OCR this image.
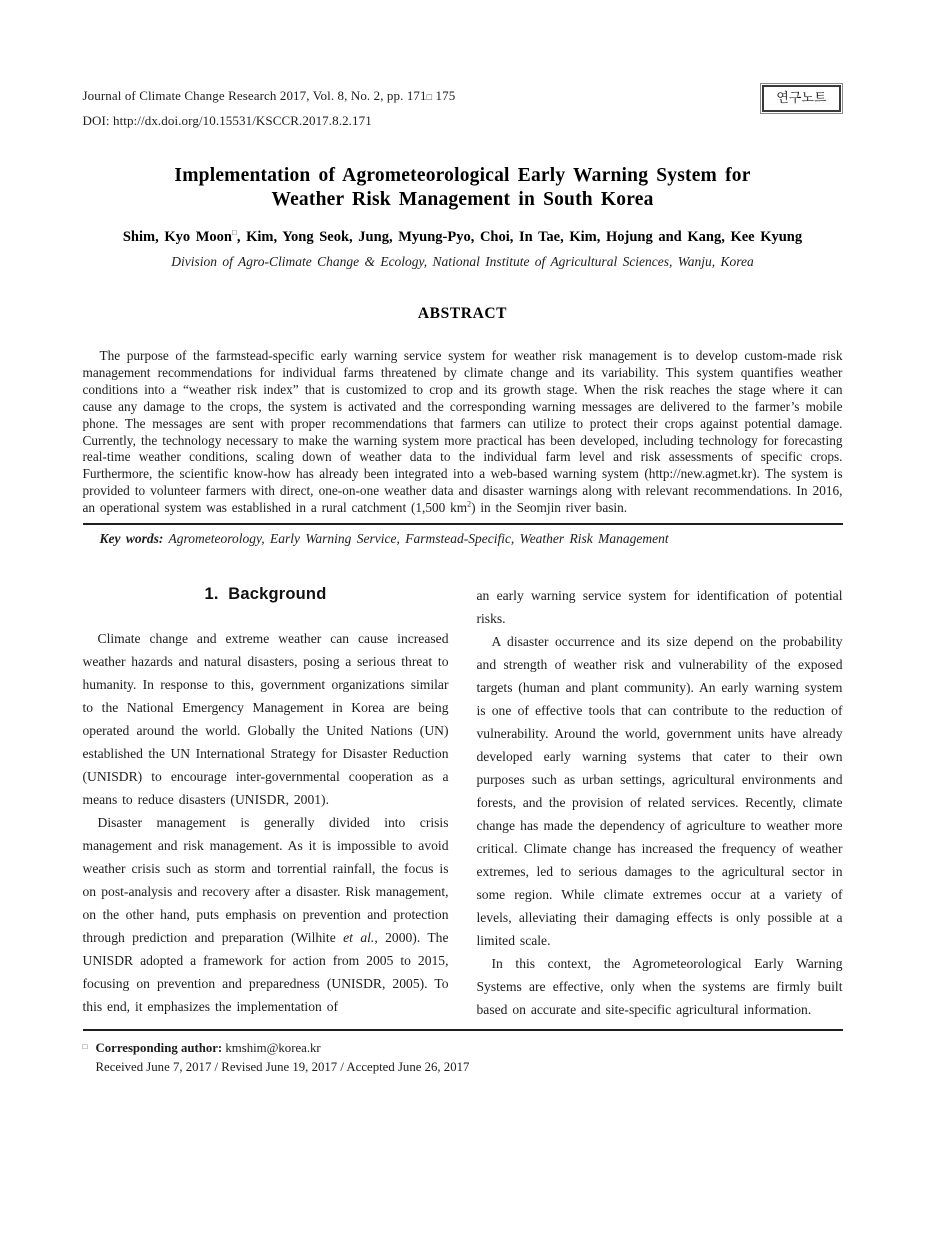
Journal of Climate Change Research 2017, Vol. 8, No. 2, pp. 171□ 175
DOI: http://dx.doi.org/10.15531/KSCCR.2017.8.2.171
연구노트
Implementation of Agrometeorological Early Warning System for
Weather Risk Management in South Korea
Shim, Kyo Moon□, Kim, Yong Seok, Jung, Myung-Pyo, Choi, In Tae, Kim, Hojung and Kang, Kee Kyung
Division of Agro-Climate Change & Ecology, National Institute of Agricultural Sciences, Wanju, Korea
ABSTRACT

The purpose of the farmstead-specific early warning service system for weather risk management is to develop custom-made risk management recommendations for individual farms threatened by climate change and its variability. This system quantifies weather conditions into a “weather risk index” that is customized to crop and its growth stage. When the risk reaches the stage where it can cause any damage to the crops, the system is activated and the corresponding warning messages are delivered to the farmer’s mobile phone. The messages are sent with proper recommendations that farmers can utilize to protect their crops against potential damage. Currently, the technology necessary to make the warning system more practical has been developed, including technology for forecasting real-time weather conditions, scaling down of weather data to the individual farm level and risk assessments of specific crops. Furthermore, the scientific know-how has already been integrated into a web-based warning system (http://new.agmet.kr). The system is provided to volunteer farmers with direct, one-on-one weather data and disaster warnings along with relevant recommendations. In 2016, an operational system was established in a rural catchment (1,500 $km^2$) in the Seomjin river basin.

Key words: Agrometeorology, Early Warning Service, Farmstead-Specific, Weather Risk Management

1.  Background

Climate change and extreme weather can cause increased weather hazards and natural disasters, posing a serious threat to humanity. In response to this, government organizations similar to the National Emergency Management in Korea are being operated around the world. Globally the United Nations (UN) established the UN International Strategy for Disaster Reduction (UNISDR) to encourage inter-governmental cooperation as a means to reduce disasters (UNISDR, 2001).

Disaster management is generally divided into crisis management and risk management. As it is impossible to avoid weather crisis such as storm and torrential rainfall, the focus is on post-analysis and recovery after a disaster. Risk management, on the other hand, puts emphasis on prevention and protection through prediction and preparation (Wilhite et al., 2000). The UNISDR adopted a framework for action from 2005 to 2015, focusing on prevention and preparedness (UNISDR, 2005). To this end, it emphasizes the implementation of

an early warning service system for identification of potential risks.

A disaster occurrence and its size depend on the probability and strength of weather risk and vulnerability of the exposed targets (human and plant community). An early warning system is one of effective tools that can contribute to the reduction of vulnerability. Around the world, government units have already developed early warning systems that cater to their own purposes such as urban settings, agricultural environments and forests, and the provision of related services. Recently, climate change has made the dependency of agriculture to weather more critical. Climate change has increased the frequency of weather extremes, led to serious damages to the agricultural sector in some region. While climate extremes occur at a variety of levels, alleviating their damaging effects is only possible at a limited scale.

In this context, the Agrometeorological Early Warning Systems are effective, only when the systems are firmly built based on accurate and site-specific agricultural information.

□ Corresponding author: kmshim@korea.kr
Received June 7, 2017 / Revised June 19, 2017 / Accepted June 26, 2017
